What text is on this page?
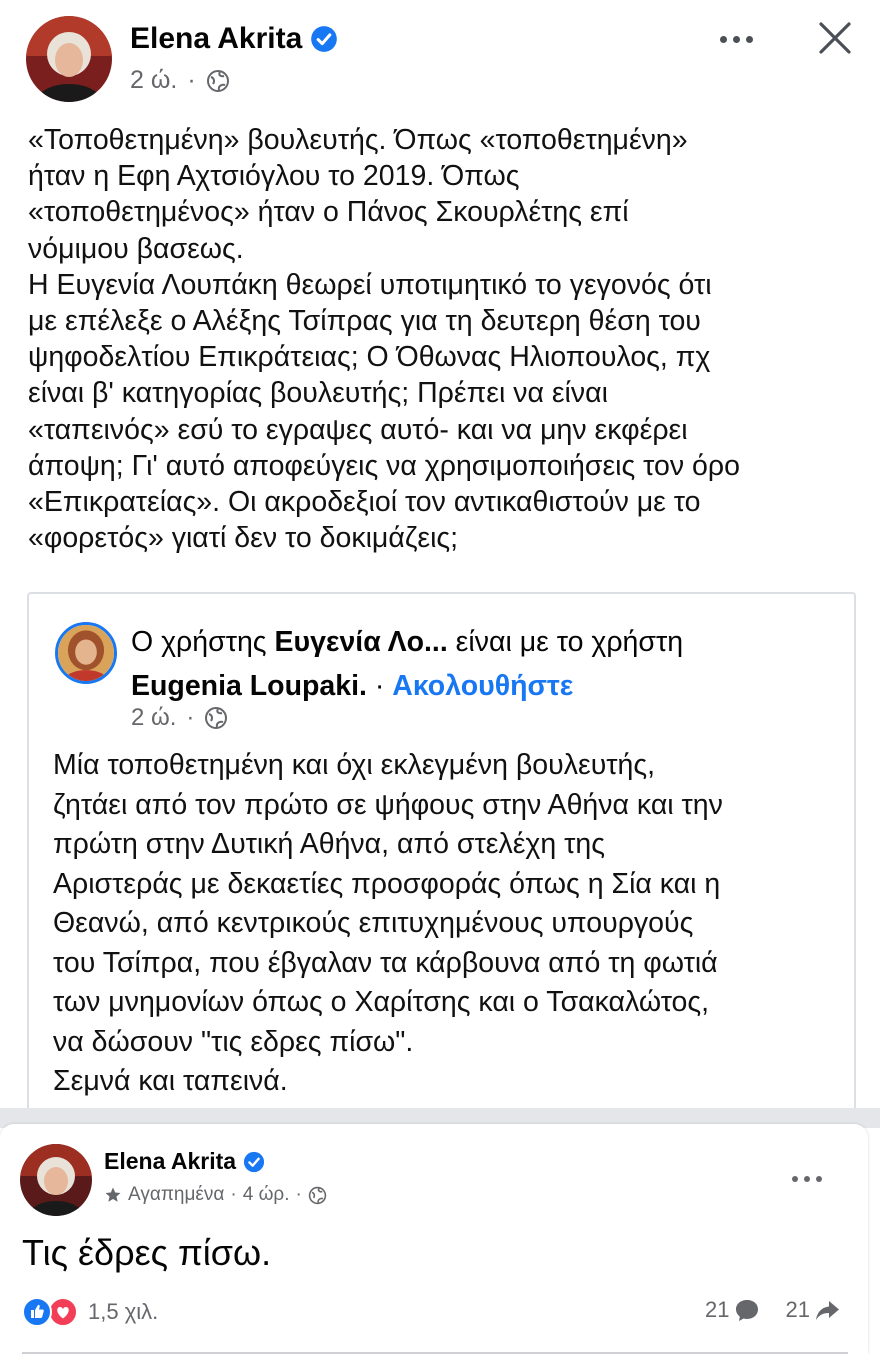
Elena Akrita
2 ώ. ·

«Τοποθετημένη» βουλευτής. Όπως «τοποθετημένη»

ήταν η Εφη Αχτσιόγλου το 2019. Όπως

«τοποθετημένος» ήταν ο Πάνος Σκουρλέτης επί

νόμιμου βασεως.

Η Ευγενία Λουπάκη θεωρεί υποτιμητικό το γεγονός ότι

με επέλεξε ο Αλέξης Τσίπρας για τη δευτερη θέση του

ψηφοδελτίου Επικράτειας; Ο Όθωνας Ηλιοπουλος, πχ

είναι β' κατηγορίας βουλευτής; Πρέπει να είναι

«ταπεινός» εσύ το εγραψες αυτό- και να μην εκφέρει

άποψη; Γι' αυτό αποφεύγεις να χρησιμοποιήσεις τον όρο

«Επικρατείας». Οι ακροδεξιοί τον αντικαθιστούν με το

«φορετός» γιατί δεν το δοκιμάζεις;

Ο χρήστης Ευγενία Λο... είναι με το χρήστη
Eugenia Loupaki. · Ακολουθήστε
2 ώ. ·

Μία τοποθετημένη και όχι εκλεγμένη βουλευτής,

ζητάει από τον πρώτο σε ψήφους στην Αθήνα και την

πρώτη στην Δυτική Αθήνα, από στελέχη της

Αριστεράς με δεκαετίες προσφοράς όπως η Σία και η

Θεανώ, από κεντρικούς επιτυχημένους υπουργούς

του Τσίπρα, που έβγαλαν τα κάρβουνα από τη φωτιά

των μνημονίων όπως ο Χαρίτσης και ο Τσακαλώτος,

να δώσουν "τις εδρες πίσω".

Σεμνά και ταπεινά.

Elena Akrita
Αγαπημένα · 4 ώρ. ·
Τις έδρες πίσω.
1,5 χιλ.	21	21
